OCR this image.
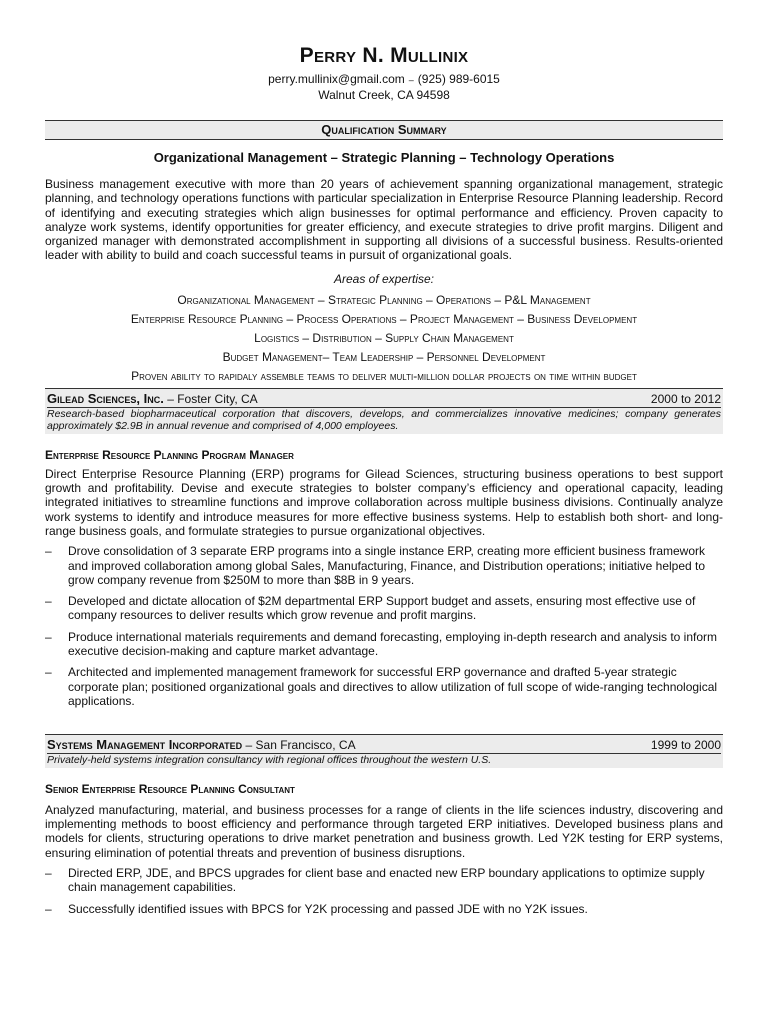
Perry N. Mullinix
perry.mullinix@gmail.com – (925) 989-6015
Walnut Creek, CA 94598
Qualification Summary
Organizational Management – Strategic Planning – Technology Operations
Business management executive with more than 20 years of achievement spanning organizational management, strategic planning, and technology operations functions with particular specialization in Enterprise Resource Planning leadership. Record of identifying and executing strategies which align businesses for optimal performance and efficiency. Proven capacity to analyze work systems, identify opportunities for greater efficiency, and execute strategies to drive profit margins. Diligent and organized manager with demonstrated accomplishment in supporting all divisions of a successful business. Results-oriented leader with ability to build and coach successful teams in pursuit of organizational goals.
Areas of expertise:
Organizational Management – Strategic Planning – Operations – P&L Management
Enterprise Resource Planning – Process Operations – Project Management – Business Development
Logistics – Distribution – Supply Chain Management
Budget Management– Team Leadership – Personnel Development
Proven ability to rapidaly assemble teams to deliver multi-million dollar projects on time within budget
Gilead Sciences, Inc. – Foster City, CA	2000 to 2012
Research-based biopharmaceutical corporation that discovers, develops, and commercializes innovative medicines; company generates approximately $2.9B in annual revenue and comprised of 4,000 employees.
Enterprise Resource Planning Program Manager
Direct Enterprise Resource Planning (ERP) programs for Gilead Sciences, structuring business operations to best support growth and profitability. Devise and execute strategies to bolster company’s efficiency and operational capacity, leading integrated initiatives to streamline functions and improve collaboration across multiple business divisions. Continually analyze work systems to identify and introduce measures for more effective business systems. Help to establish both short- and long-range business goals, and formulate strategies to pursue organizational objectives.
– Drove consolidation of 3 separate ERP programs into a single instance ERP, creating more efficient business framework and improved collaboration among global Sales, Manufacturing, Finance, and Distribution operations; initiative helped to grow company revenue from $250M to more than $8B in 9 years.
– Developed and dictate allocation of $2M departmental ERP Support budget and assets, ensuring most effective use of company resources to deliver results which grow revenue and profit margins.
– Produce international materials requirements and demand forecasting, employing in-depth research and analysis to inform executive decision-making and capture market advantage.
– Architected and implemented management framework for successful ERP governance and drafted 5-year strategic corporate plan; positioned organizational goals and directives to allow utilization of full scope of wide-ranging technological applications.
Systems Management Incorporated – San Francisco, CA	1999 to 2000
Privately-held systems integration consultancy with regional offices throughout the western U.S.
Senior Enterprise Resource Planning Consultant
Analyzed manufacturing, material, and business processes for a range of clients in the life sciences industry, discovering and implementing methods to boost efficiency and performance through targeted ERP initiatives. Developed business plans and models for clients, structuring operations to drive market penetration and business growth. Led Y2K testing for ERP systems, ensuring elimination of potential threats and prevention of business disruptions.
– Directed ERP, JDE, and BPCS upgrades for client base and enacted new ERP boundary applications to optimize supply chain management capabilities.
– Successfully identified issues with BPCS for Y2K processing and passed JDE with no Y2K issues.
